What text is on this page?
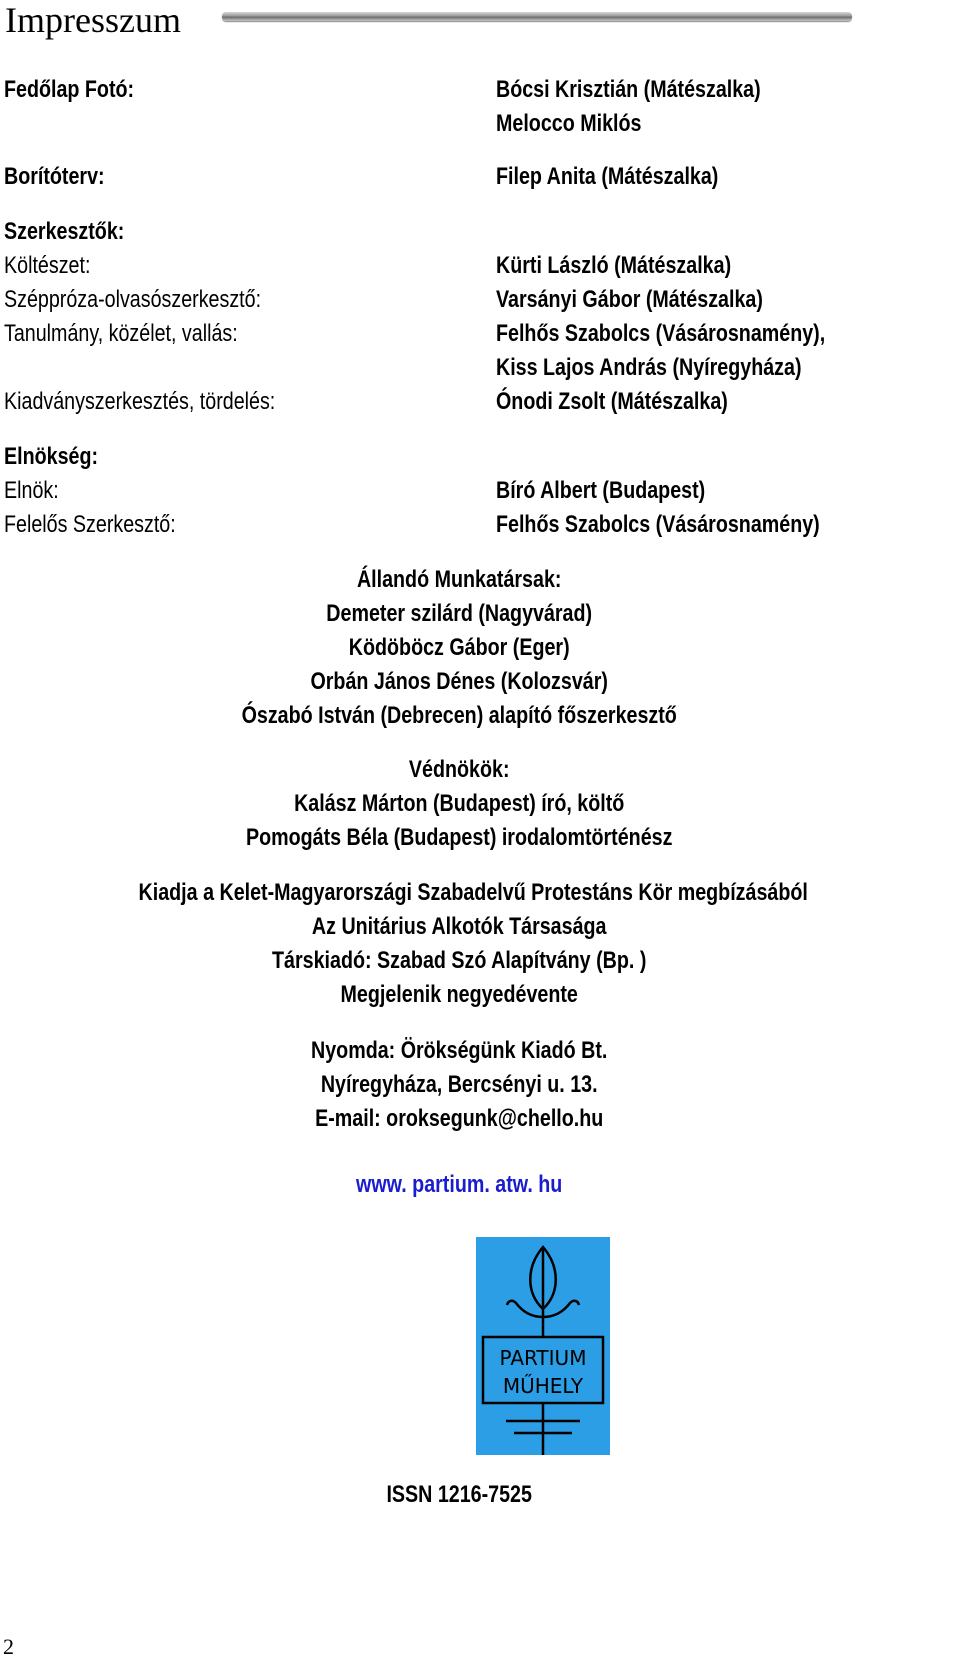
Impresszum
Fedőlap Fotó:
Borítóterv:
Szerkesztők:
Költészet:
Széppróza-olvasószerkesztő:
Tanulmány, közélet, vallás:
Kiadványszerkesztés, tördelés:
Elnökség:
Elnök:
Felelős Szerkesztő:
Bócsi Krisztián (Mátészalka)
Melocco Miklós
Filep Anita (Mátészalka)
Kürti László (Mátészalka)
Varsányi Gábor (Mátészalka)
Felhős Szabolcs (Vásárosnamény),
Kiss Lajos András (Nyíregyháza)
Ónodi Zsolt (Mátészalka)
Bíró Albert (Budapest)
Felhős Szabolcs (Vásárosnamény)
Állandó Munkatársak:
Demeter szilárd (Nagyvárad)
Ködöböcz Gábor (Eger)
Orbán János Dénes (Kolozsvár)
Ószabó István (Debrecen) alapító főszerkesztő
Védnökök:
Kalász Márton (Budapest) író, költő
Pomogáts Béla (Budapest) irodalomtörténész
Kiadja a Kelet-Magyarországi Szabadelvű Protestáns Kör megbízásából
Az Unitárius Alkotók Társasága
Társkiadó: Szabad Szó Alapítvány (Bp. )
Megjelenik negyedévente
Nyomda: Örökségünk Kiadó Bt.
Nyíregyháza, Bercsényi u. 13.
E-mail: oroksegunk@chello.hu
www. partium. atw. hu
PARTIUM
MŰHELY
ISSN 1216-7525
2
